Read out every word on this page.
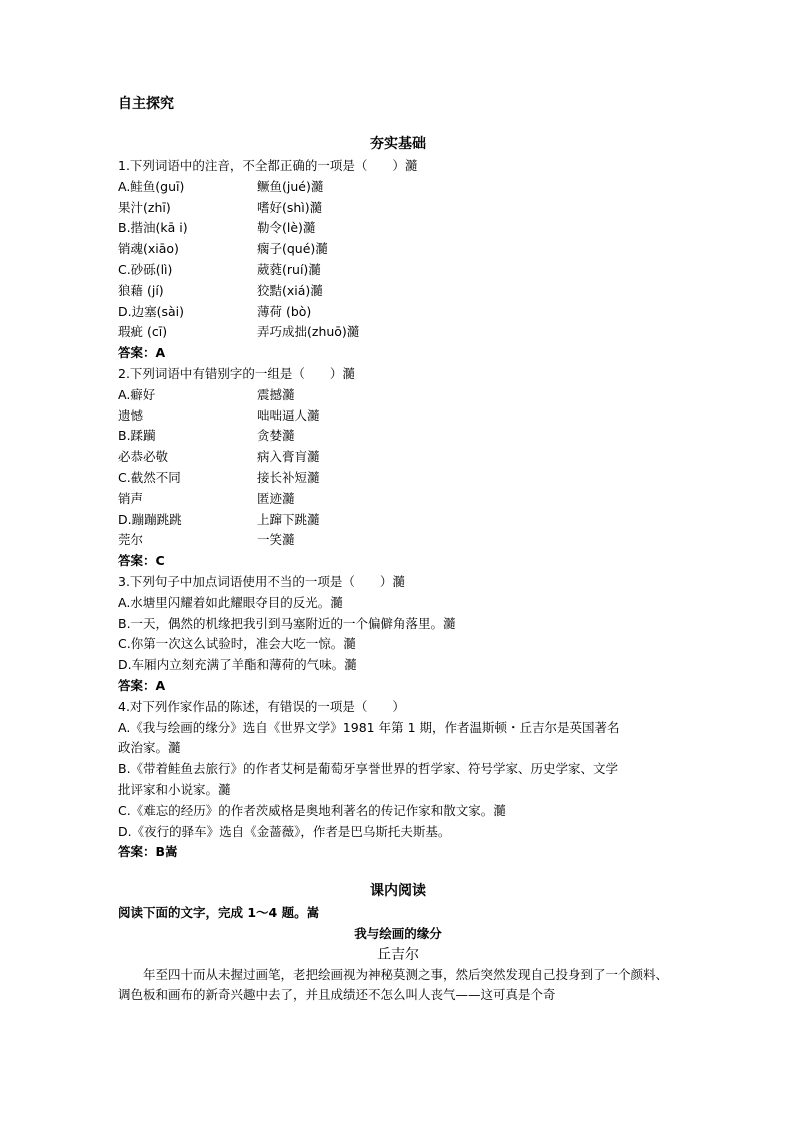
自主探究
夯实基础
1.下列词语中的注音，不全都正确的一项是（　　）瀡
A.鲑鱼(guī)	鳜鱼(jué)瀡
果汁(zhī)	嗜好(shì)瀡
B.揩油(kā i)	勒令(lè)瀡
销魂(xiāo)	瘸子(qué)瀡
C.砂砾(lì)	葳蕤(ruí)瀡
狼藉 (jí)	狡黠(xiá)瀡
D.边塞(sài)	薄荷 (bò)
瑕疵 (cī)	弄巧成拙(zhuō)瀡
答案：A
2.下列词语中有错别字的一组是（　　）瀡
A.癖好	震撼瀡
遗憾	咄咄逼人瀡
B.蹂躏	贪婪瀡
必恭必敬	病入膏肓瀡
C.截然不同	接长补短瀡
销声	匿迹瀡
D.蹦蹦跳跳	上蹿下跳瀡
莞尔	一笑瀡
答案：C
3.下列句子中加点词语使用不当的一项是（　　）瀡
A.水塘里闪耀着如此耀眼夺目的反光。瀡
B.一天，偶然的机缘把我引到马塞附近的一个偏僻角落里。瀡
C.你第一次这么试验时，准会大吃一惊。瀡
D.车厢内立刻充满了羊酯和薄荷的气味。瀡
答案：A
4.对下列作家作品的陈述，有错误的一项是（　　）
A.《我与绘画的缘分》选自《世界文学》1981 年第 1 期，作者温斯顿・丘吉尔是英国著名
政治家。瀡
B.《带着鲑鱼去旅行》的作者艾柯是葡萄牙享誉世界的哲学家、符号学家、历史学家、文学
批评家和小说家。瀡
C.《难忘的经历》的作者茨威格是奥地利著名的传记作家和散文家。瀡
D.《夜行的驿车》选自《金蔷薇》，作者是巴乌斯托夫斯基。
答案：B嵩
课内阅读
阅读下面的文字，完成 1～4 题。嵩
我与绘画的缘分
丘吉尔
年至四十而从未握过画笔，老把绘画视为神秘莫测之事，然后突然发现自己投身到了一个颜料、调色板和画布的新奇兴趣中去了，并且成绩还不怎么叫人丧气——这可真是个奇
